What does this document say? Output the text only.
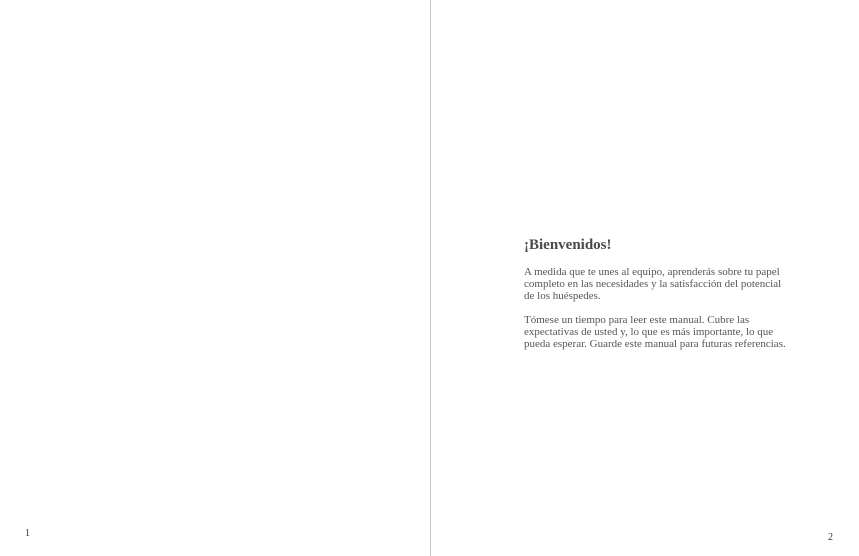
1
¡Bienvenidos!

A medida que te unes al equipo, aprenderás sobre tu papel completo en las necesidades y la satisfacción del potencial de los huéspedes.

Tómese un tiempo para leer este manual. Cubre las expectativas de usted y, lo que es más importante, lo que pueda esperar. Guarde este manual para futuras referencias.

2
